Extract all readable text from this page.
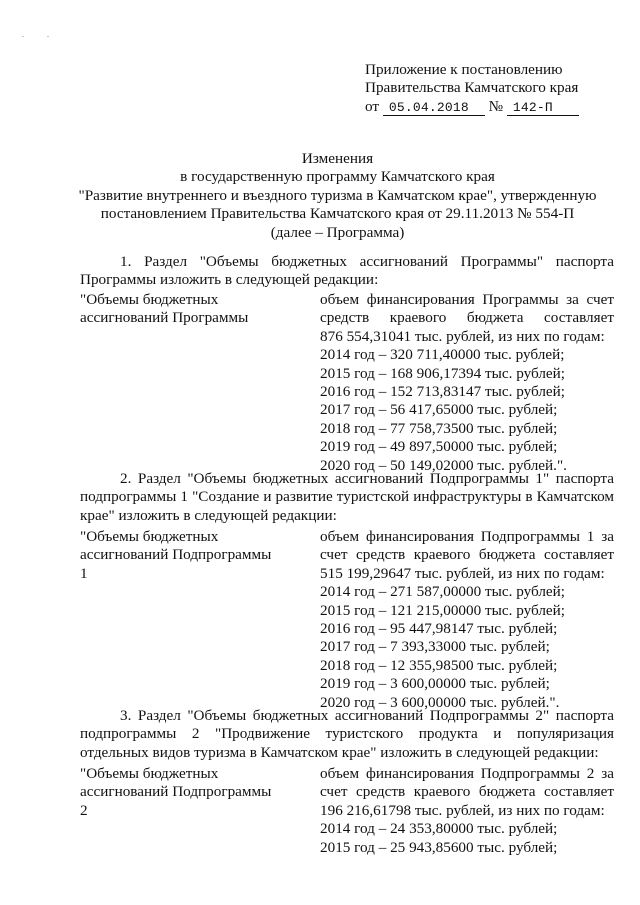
Приложение к постановлению
Правительства Камчатского края
от 05.04.2018 № 142-П
Изменения
в государственную программу Камчатского края
"Развитие внутреннего и въездного туризма в Камчатском крае", утвержденную
постановлением Правительства Камчатского края от 29.11.2013 № 554-П
(далее – Программа)
1. Раздел "Объемы бюджетных ассигнований Программы" паспорта Программы изложить в следующей редакции:
"Объемы бюджетных
ассигнований Программы
объем финансирования Программы за счет
средств краевого бюджета составляет
876 554,31041 тыс. рублей, из них по годам:
2014 год – 320 711,40000 тыс. рублей;
2015 год – 168 906,17394 тыс. рублей;
2016 год – 152 713,83147 тыс. рублей;
2017 год – 56 417,65000 тыс. рублей;
2018 год – 77 758,73500 тыс. рублей;
2019 год – 49 897,50000 тыс. рублей;
2020 год – 50 149,02000 тыс. рублей.".
2. Раздел "Объемы бюджетных ассигнований Подпрограммы 1" паспорта подпрограммы 1 "Создание и развитие туристской инфраструктуры в Камчатском крае" изложить в следующей редакции:
"Объемы бюджетных
ассигнований Подпрограммы 1
объем финансирования Подпрограммы 1 за
счет средств краевого бюджета составляет
515 199,29647 тыс. рублей, из них по годам:
2014 год – 271 587,00000 тыс. рублей;
2015 год – 121 215,00000 тыс. рублей;
2016 год – 95 447,98147 тыс. рублей;
2017 год – 7 393,33000 тыс. рублей;
2018 год – 12 355,98500 тыс. рублей;
2019 год – 3 600,00000 тыс. рублей;
2020 год – 3 600,00000 тыс. рублей.".
3. Раздел "Объемы бюджетных ассигнований Подпрограммы 2" паспорта подпрограммы 2 "Продвижение туристского продукта и популяризация отдельных видов туризма в Камчатском крае" изложить в следующей редакции:
"Объемы бюджетных
ассигнований Подпрограммы 2
объем финансирования Подпрограммы 2 за
счет средств краевого бюджета составляет
196 216,61798 тыс. рублей, из них по годам:
2014 год – 24 353,80000 тыс. рублей;
2015 год – 25 943,85600 тыс. рублей;
